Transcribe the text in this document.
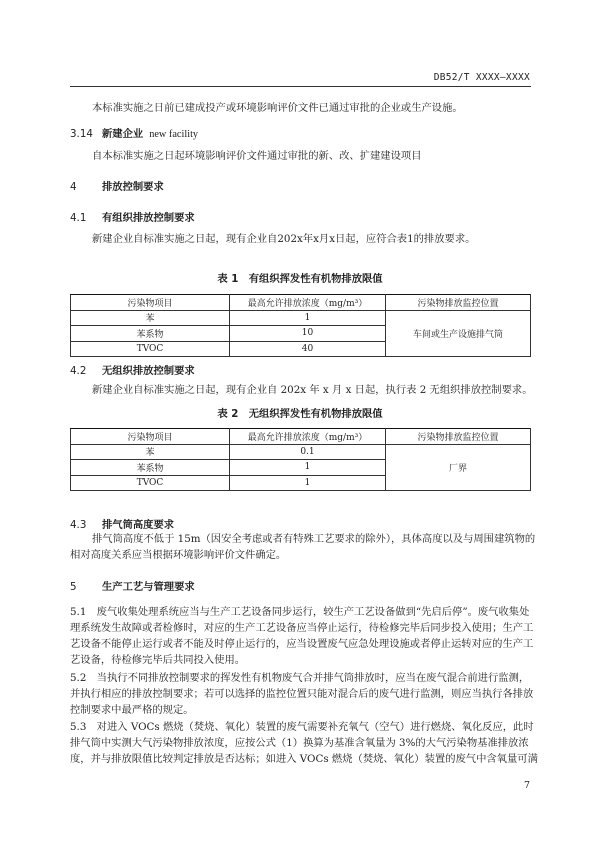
DB52/T XXXX—XXXX
本标准实施之日前已建成投产或环境影响评价文件已通过审批的企业或生产设施。
3.14 新建企业 new facility
自本标准实施之日起环境影响评价文件通过审批的新、改、扩建建设项目
4 排放控制要求
4.1 有组织排放控制要求
新建企业自标准实施之日起，现有企业自202x年x月x日起，应符合表1的排放要求。
表 1　有组织挥发性有机物排放限值
污染物项目	最高允许排放浓度（mg/m³）	污染物排放监控位置
苯	1	车间或生产设施排气筒
苯系物	10	
TVOC	40	
4.2 无组织排放控制要求
新建企业自标准实施之日起，现有企业自 202x 年 x 月 x 日起，执行表 2 无组织排放控制要求。
表 2　无组织挥发性有机物排放限值
污染物项目	最高允许排放浓度（mg/m³）	污染物排放监控位置
苯	0.1	厂界
苯系物	1	
TVOC	1	
4.3 排气筒高度要求
排气筒高度不低于 15m（因安全考虑或者有特殊工艺要求的除外），具体高度以及与周围建筑物的
相对高度关系应当根据环境影响评价文件确定。
5 生产工艺与管理要求
5.1　废气收集处理系统应当与生产工艺设备同步运行，较生产工艺设备做到“先启后停”。废气收集处
理系统发生故障或者检修时，对应的生产工艺设备应当停止运行，待检修完毕后同步投入使用；生产工
艺设备不能停止运行或者不能及时停止运行的，应当设置废气应急处理设施或者停止运转对应的生产工
艺设备，待检修完毕后共同投入使用。
5.2　当执行不同排放控制要求的挥发性有机物废气合并排气筒排放时，应当在废气混合前进行监测，
并执行相应的排放控制要求；若可以选择的监控位置只能对混合后的废气进行监测，则应当执行各排放
控制要求中最严格的规定。
5.3　对进入 VOCs 燃烧（焚烧、氧化）装置的废气需要补充氧气（空气）进行燃烧、氧化反应，此时
排气筒中实测大气污染物排放浓度，应按公式（1）换算为基准含氧量为 3%的大气污染物基准排放浓
度，并与排放限值比较判定排放是否达标；如进入 VOCs 燃烧（焚烧、氧化）装置的废气中含氧量可满
7
